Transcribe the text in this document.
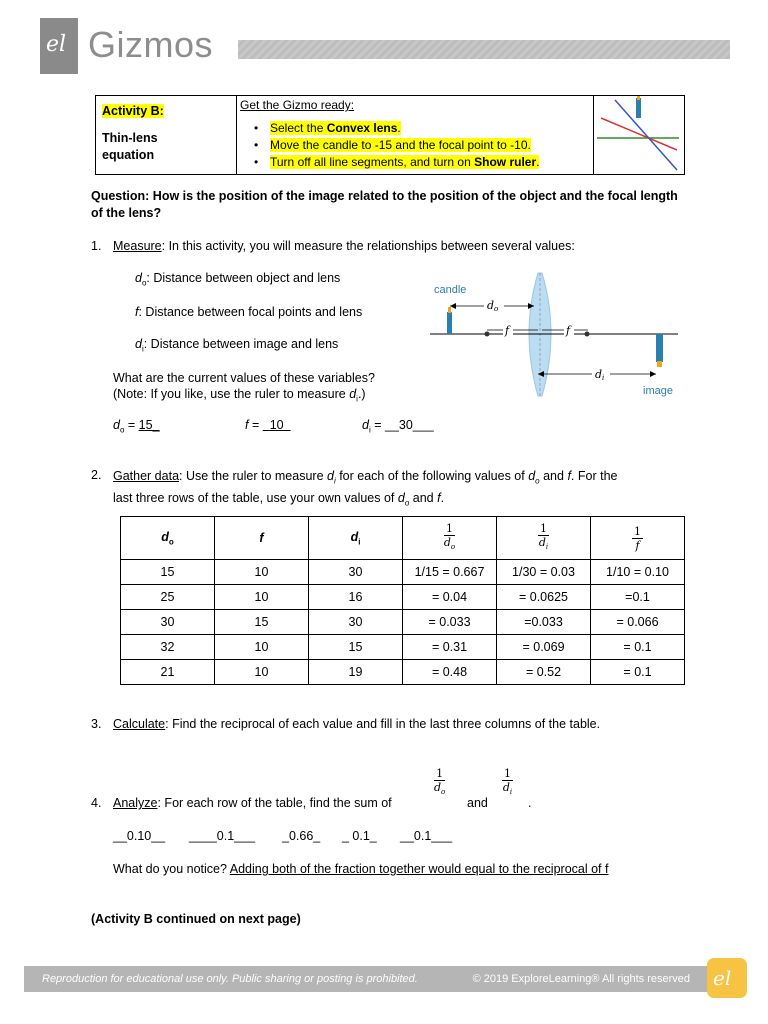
el Gizmos
Activity B:
Thin-lens
equation
Get the Gizmo ready:
• Select the Convex lens.
• Move the candle to -15 and the focal point to -10.
• Turn off all line segments, and turn on Show ruler.
Question: How is the position of the image related to the position of the object and the focal length of the lens?
1. Measure: In this activity, you will measure the relationships between several values:
$d_o$: Distance between object and lens
f: Distance between focal points and lens
$d_i$: Distance between image and lens
What are the current values of these variables?
(Note: If you like, use the ruler to measure $d_i$.)
$d_o$ = 15_	f =   10	$d_i$ = __30___
candle
image
do
f	f
di
2. Gather data: Use the ruler to measure $d_i$ for each of the following values of $d_o$ and f. For the
last three rows of the table, use your own values of $d_o$ and f.
$d_o$	f	$d_i$	$\frac{1}{d_o}$	$\frac{1}{d_i}$	$\frac{1}{f}$

15	10	30	1/15 = 0.667	1/30 = 0.03	1/10 = 0.10
25	10	16	= 0.04	= 0.0625	=0.1
30	15	30	= 0.033	=0.033	= 0.066
32	10	15	= 0.31	= 0.069	= 0.1
21	10	19	= 0.48	= 0.52	= 0.1
3. Calculate: Find the reciprocal of each value and fill in the last three columns of the table.
$\frac{1}{d_o}$	$\frac{1}{d_i}$
4. Analyze: For each row of the table, find the sum of	and	.
__0.10__ ____0.1___ _0.66_ _ 0.1_ __0.1___
What do you notice? Adding both of the fraction together would equal to the reciprocal of f
(Activity B continued on next page)
Reproduction for educational use only. Public sharing or posting is prohibited.	© 2019 ExploreLearning® All rights reserved el
